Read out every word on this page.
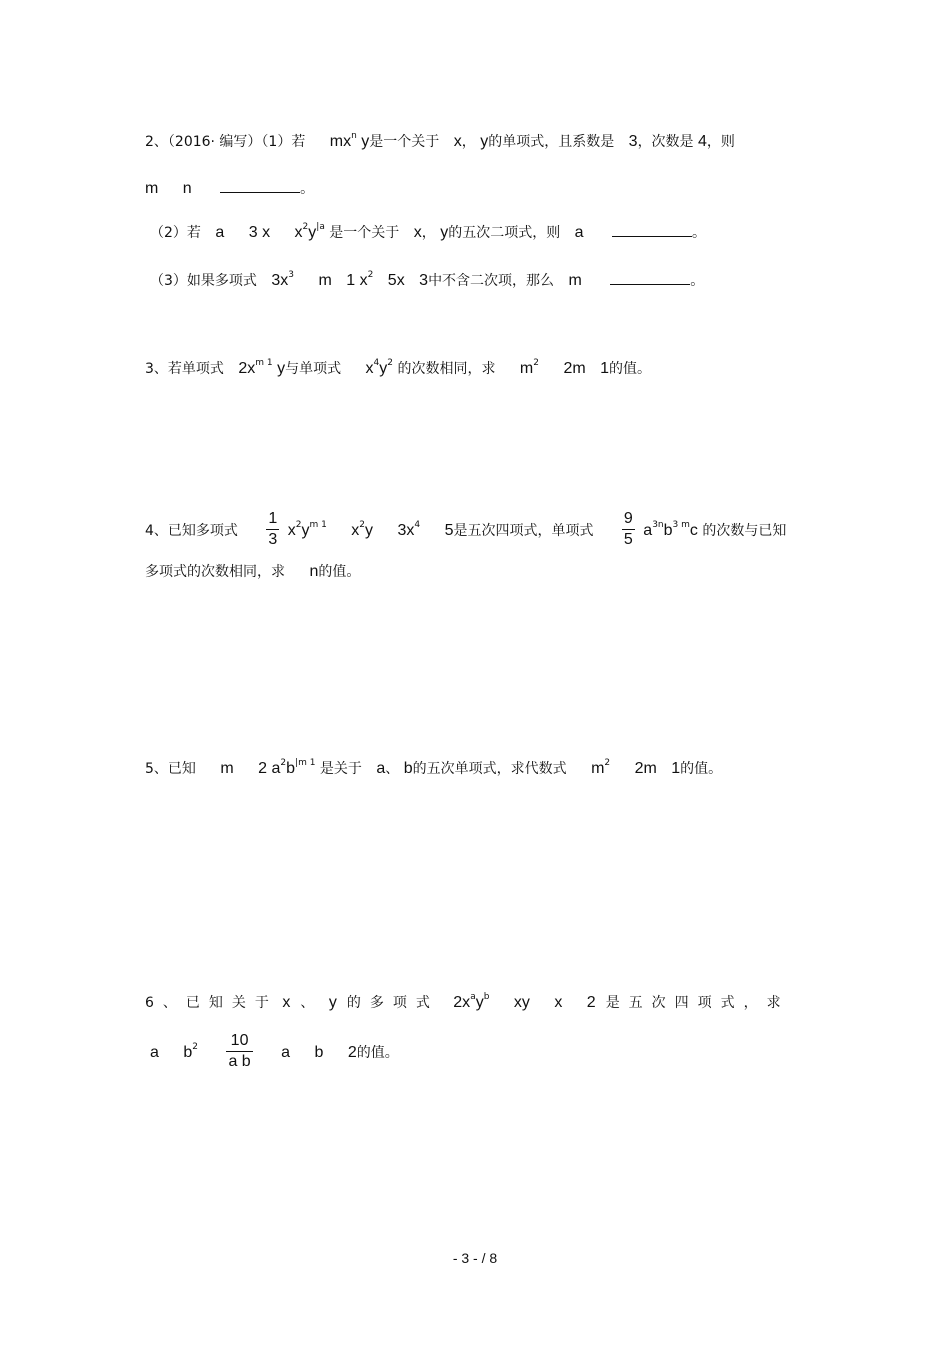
2、（2016· 编写）（1）若 $mx^n$ y是一个关于 x， y的单项式，且系数是 3，次数是 4，则
m n	。
（2）若 a 3 x $x^2y^{|a}$ 是一个关于 x， y的五次二项式，则 a	。
（3）如果多项式 $3x^3$ m 1 $x^2$ 5x 3中不含二次项，那么 m	。
3、若单项式 $2x^{m 1}$ y与单项式 $x^4y^2$ 的次数相同，求 $m^2$ 2m 1的值。
4、已知多项式 $\frac{1}{3} x^2y^{m 1}$ $x^2y$ $3x^4$ 5是五次四项式，单项式 $\frac{9}{5} a^{3n}b^{3 m}c$ 的次数与已知
多项式的次数相同，求 n的值。
5、已知 m 2 $a^2b^{|m 1}$ 是关于 a、 b的五次单项式，求代数式 $m^2$ 2m 1的值。
6、已知关于 x 、 y 的多项式 $2x^ay^b$ xy x 2 是五次四项式，求
a $b^2 \frac{10}{\text{a b}}$ a b 2的值。
- 3 - / 8
